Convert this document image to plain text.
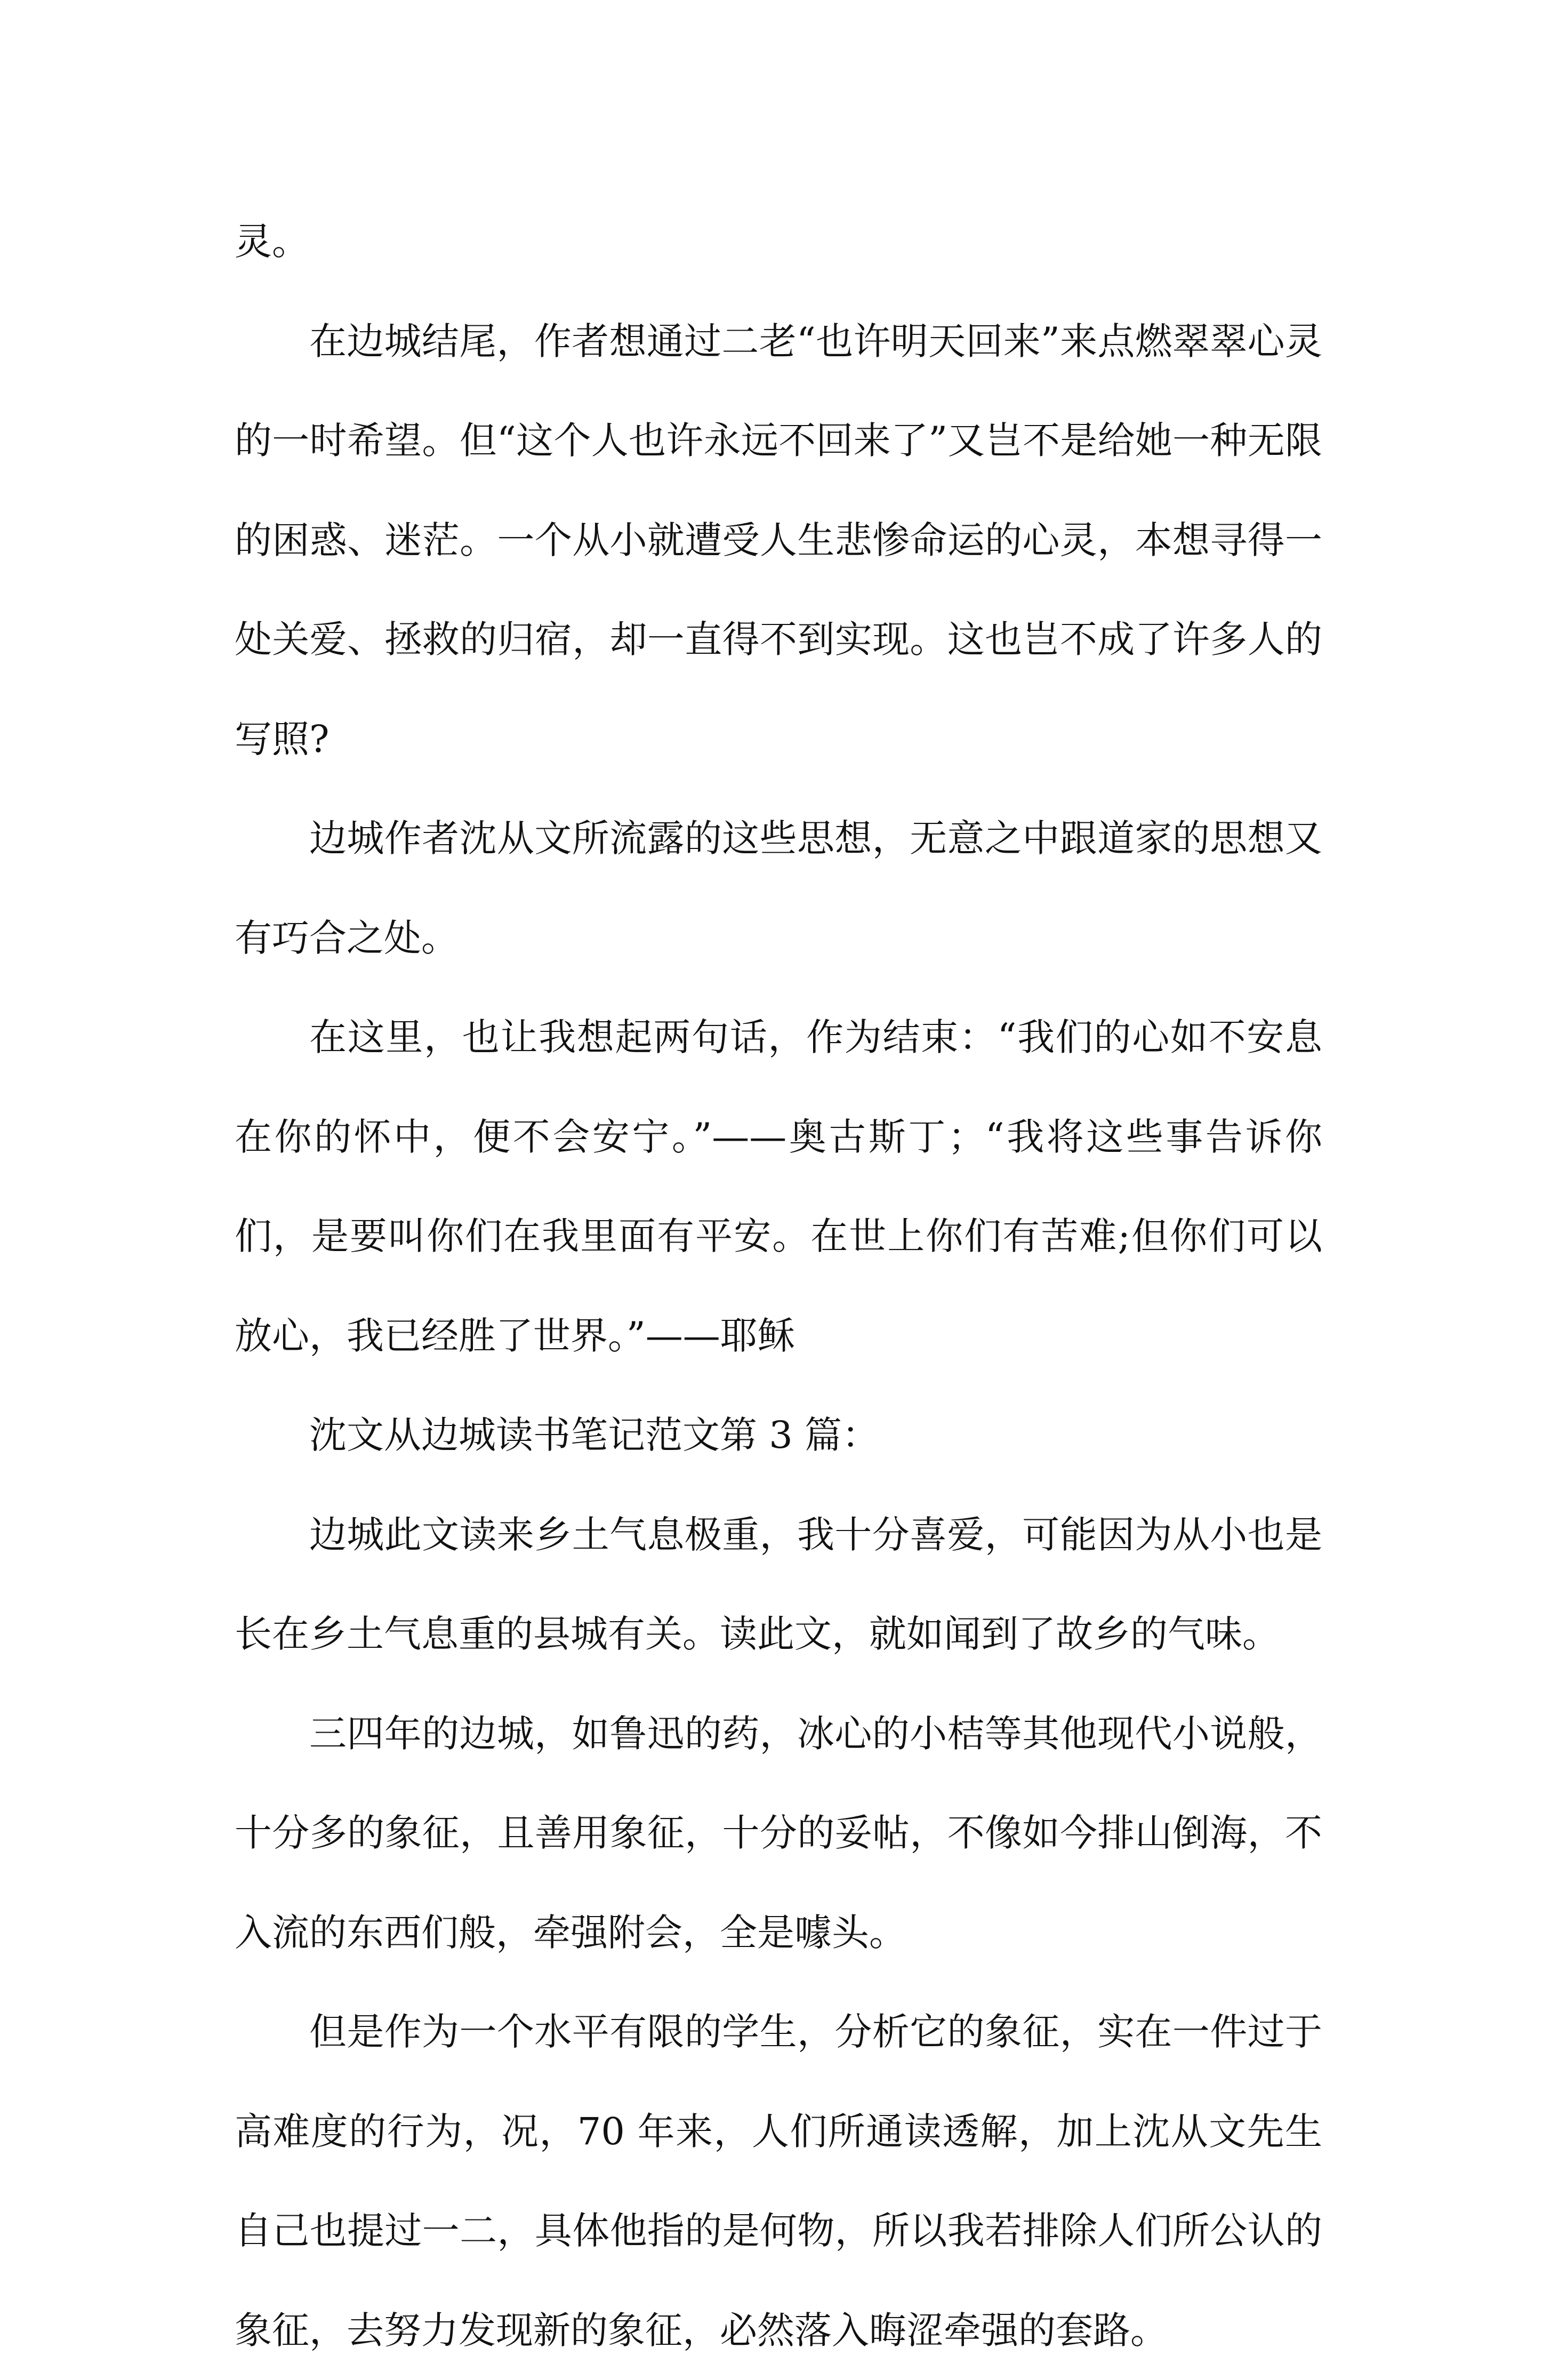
灵。

在边城结尾，作者想通过二老“也许明天回来”来点燃翠翠心灵的一时希望。但“这个人也许永远不回来了”又岂不是给她一种无限的困惑、迷茫。一个从小就遭受人生悲惨命运的心灵，本想寻得一处关爱、拯救的归宿，却一直得不到实现。这也岂不成了许多人的写照?

边城作者沈从文所流露的这些思想，无意之中跟道家的思想又有巧合之处。

在这里，也让我想起两句话，作为结束：“我们的心如不安息在你的怀中，便不会安宁。”——奥古斯丁；“我将这些事告诉你们，是要叫你们在我里面有平安。在世上你们有苦难;但你们可以放心，我已经胜了世界。”——耶稣

沈文从边城读书笔记范文第 3 篇：

边城此文读来乡土气息极重，我十分喜爱，可能因为从小也是长在乡土气息重的县城有关。读此文，就如闻到了故乡的气味。

三四年的边城，如鲁迅的药，冰心的小桔等其他现代小说般，十分多的象征，且善用象征，十分的妥帖，不像如今排山倒海，不入流的东西们般，牵强附会，全是噱头。

但是作为一个水平有限的学生，分析它的象征，实在一件过于高难度的行为，况，70 年来，人们所通读透解，加上沈从文先生自己也提过一二，具体他指的是何物，所以我若排除人们所公认的象征，去努力发现新的象征，必然落入晦涩牵强的套路。
